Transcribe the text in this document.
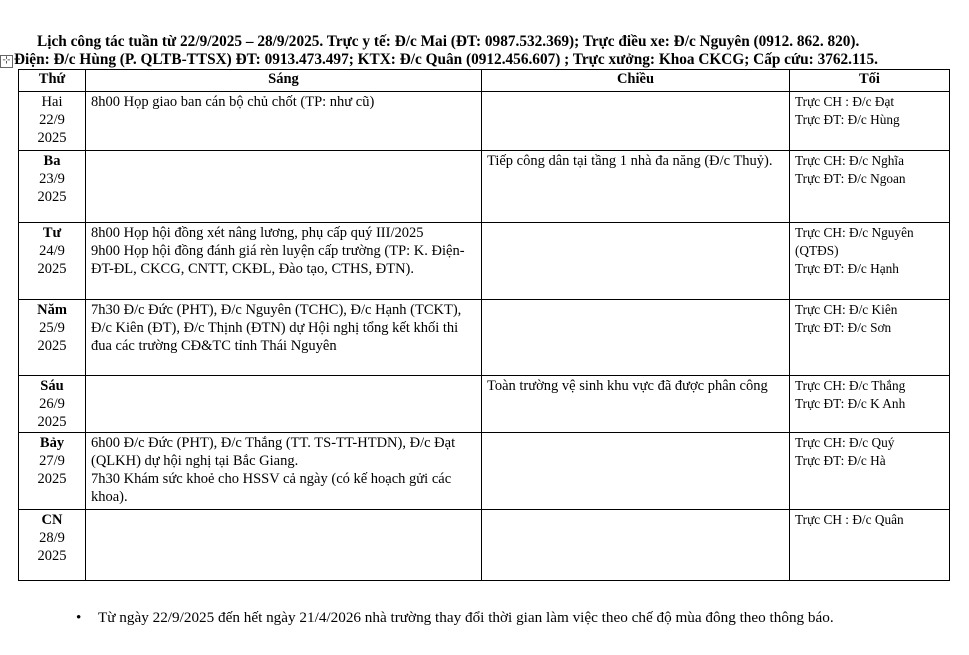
Lịch công tác tuần từ 22/9/2025 – 28/9/2025. Trực y tế: Đ/c Mai (ĐT: 0987.532.369); Trực điều xe: Đ/c Nguyên (0912. 862. 820).
⊹ Điện: Đ/c Hùng (P. QLTB-TTSX) ĐT: 0913.473.497; KTX: Đ/c Quân (0912.456.607) ; Trực xưởng: Khoa CKCG; Cấp cứu: 3762.115.
Thứ	Sáng	Chiều	Tối

Hai
22/9
2025	8h00 Họp giao ban cán bộ chủ chốt (TP: như cũ)		Trực CH : Đ/c Đạt
Trực ĐT: Đ/c Hùng

Ba
23/9
2025		Tiếp công dân tại tầng 1 nhà đa năng (Đ/c Thuỷ).	Trực CH: Đ/c Nghĩa
Trực ĐT: Đ/c Ngoan

Tư
24/9
2025	8h00 Họp hội đồng xét nâng lương, phụ cấp quý III/2025
9h00 Họp hội đồng đánh giá rèn luyện cấp trường (TP: K. Điện-ĐT-ĐL, CKCG, CNTT, CKĐL, Đào tạo, CTHS, ĐTN).		Trực CH: Đ/c Nguyên (QTĐS)
Trực ĐT: Đ/c Hạnh

Năm
25/9
2025	7h30 Đ/c Đức (PHT), Đ/c Nguyên (TCHC), Đ/c Hạnh (TCKT), Đ/c Kiên (ĐT), Đ/c Thịnh (ĐTN) dự Hội nghị tổng kết khối thi đua các trường CĐ&TC tỉnh Thái Nguyên		Trực CH: Đ/c Kiên
Trực ĐT: Đ/c Sơn

Sáu
26/9
2025		Toàn trường vệ sinh khu vực đã được phân công	Trực CH: Đ/c Thắng
Trực ĐT: Đ/c K Anh

Bảy
27/9
2025	6h00 Đ/c Đức (PHT), Đ/c Thắng (TT. TS-TT-HTDN), Đ/c Đạt (QLKH) dự hội nghị tại Bắc Giang.
7h30 Khám sức khoẻ cho HSSV cả ngày (có kế hoạch gửi các khoa).		Trực CH: Đ/c Quý
Trực ĐT: Đ/c Hà

CN
28/9
2025			Trực CH : Đ/c Quân
• Từ ngày 22/9/2025 đến hết ngày 21/4/2026 nhà trường thay đổi thời gian làm việc theo chế độ mùa đông theo thông báo.
